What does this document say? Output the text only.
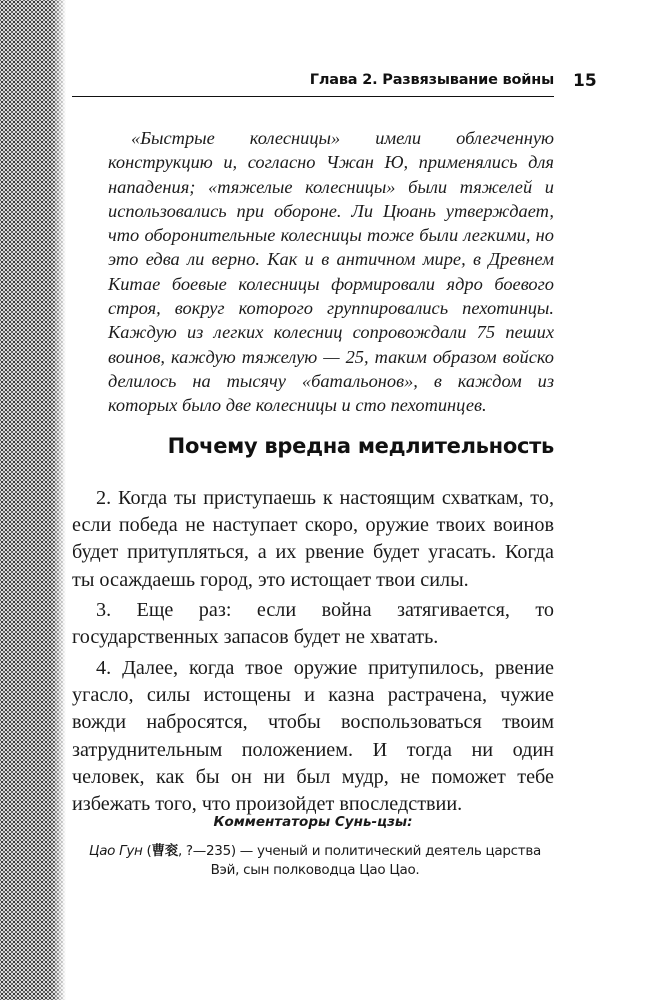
Глава 2. Развязывание войны 15

«Быстрые колесницы» имели облегченную конструкцию и, согласно Чжан Ю, применялись для нападения; «тяжелые колесницы» были тяжелей и использовались при обороне. Ли Цюань утверждает, что оборонительные колесницы тоже были легкими, но это едва ли верно. Как и в античном мире, в Древнем Китае боевые колесницы формировали ядро боевого строя, вокруг которого группировались пехотинцы. Каждую из легких колесниц сопровождали 75 пеших воинов, каждую тяжелую — 25, таким образом войско делилось на тысячу «батальонов», в каждом из которых было две колесницы и сто пехотинцев.

Почему вредна медлительность

2. Когда ты приступаешь к настоящим схваткам, то, если победа не наступает скоро, оружие твоих воинов будет притупляться, а их рвение будет угасать. Когда ты осаждаешь город, это истощает твои силы.

3. Еще раз: если война затягивается, то государственных запасов будет не хватать.

4. Далее, когда твое оружие притупилось, рвение угасло, силы истощены и казна растрачена, чужие вожди набросятся, чтобы воспользоваться твоим затруднительным положением. И тогда ни один человек, как бы он ни был мудр, не поможет тебе избежать того, что произойдет впоследствии.

Комментаторы Сунь-цзы:

Цао Гун (曹衮, ?—235) — ученый и политический деятель царства Вэй, сын полководца Цао Цао.
